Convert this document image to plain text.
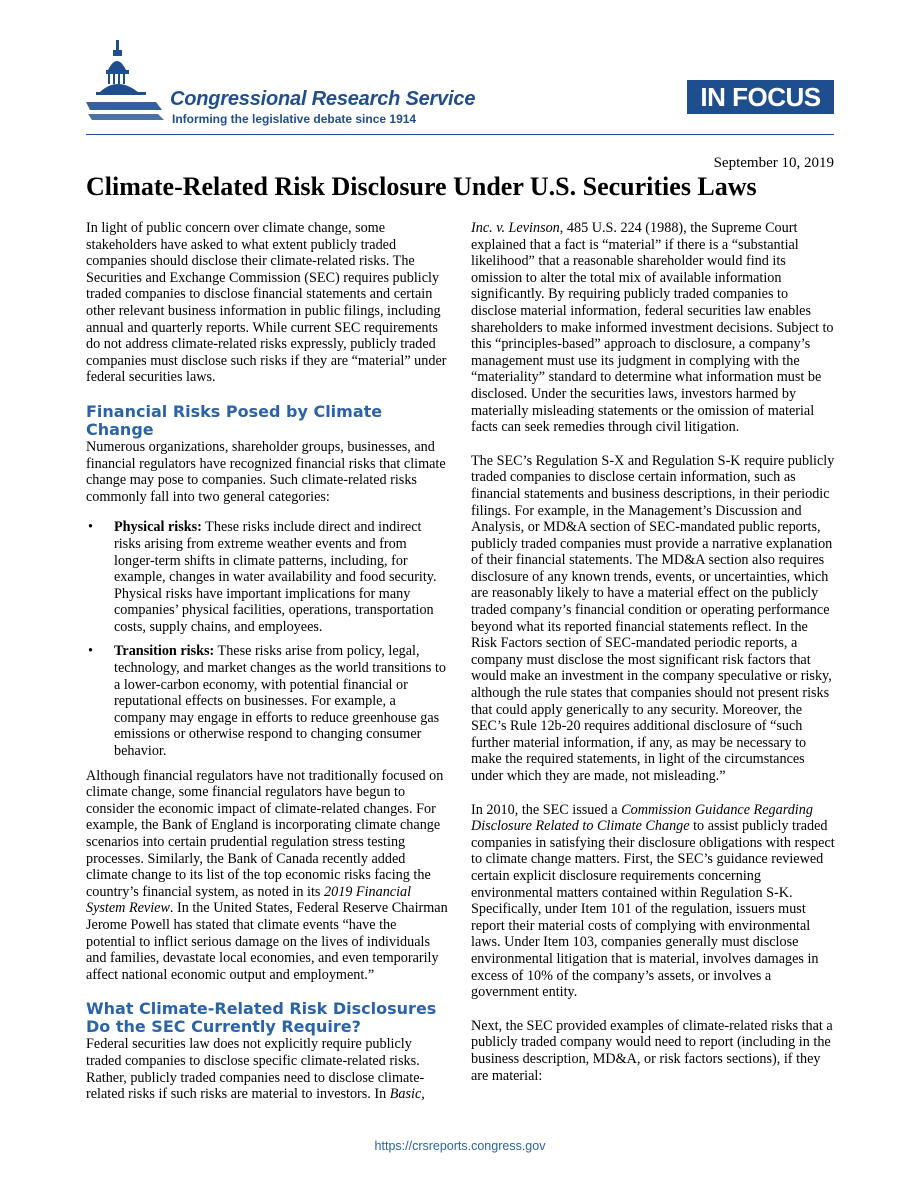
Congressional Research Service
Informing the legislative debate since 1914
IN FOCUS
September 10, 2019
Climate-Related Risk Disclosure Under U.S. Securities Laws

In light of public concern over climate change, some stakeholders have asked to what extent publicly traded companies should disclose their climate-related risks. The Securities and Exchange Commission (SEC) requires publicly traded companies to disclose financial statements and certain other relevant business information in public filings, including annual and quarterly reports. While current SEC requirements do not address climate-related risks expressly, publicly traded companies must disclose such risks if they are “material” under federal securities laws.

Financial Risks Posed by Climate Change

Numerous organizations, shareholder groups, businesses, and financial regulators have recognized financial risks that climate change may pose to companies. Such climate-related risks commonly fall into two general categories:

• Physical risks: These risks include direct and indirect risks arising from extreme weather events and from longer-term shifts in climate patterns, including, for example, changes in water availability and food security. Physical risks have important implications for many companies’ physical facilities, operations, transportation costs, supply chains, and employees.
• Transition risks: These risks arise from policy, legal, technology, and market changes as the world transitions to a lower-carbon economy, with potential financial or reputational effects on businesses. For example, a company may engage in efforts to reduce greenhouse gas emissions or otherwise respond to changing consumer behavior.

Although financial regulators have not traditionally focused on climate change, some financial regulators have begun to consider the economic impact of climate-related changes. For example, the Bank of England is incorporating climate change scenarios into certain prudential regulation stress testing processes. Similarly, the Bank of Canada recently added climate change to its list of the top economic risks facing the country’s financial system, as noted in its 2019 Financial System Review. In the United States, Federal Reserve Chairman Jerome Powell has stated that climate events “have the potential to inflict serious damage on the lives of individuals and families, devastate local economies, and even temporarily affect national economic output and employment.”

What Climate-Related Risk Disclosures Do the SEC Currently Require?

Federal securities law does not explicitly require publicly traded companies to disclose specific climate-related risks. Rather, publicly traded companies need to disclose climate-related risks if such risks are material to investors. In Basic,

Inc. v. Levinson, 485 U.S. 224 (1988), the Supreme Court explained that a fact is “material” if there is a “substantial likelihood” that a reasonable shareholder would find its omission to alter the total mix of available information significantly. By requiring publicly traded companies to disclose material information, federal securities law enables shareholders to make informed investment decisions. Subject to this “principles-based” approach to disclosure, a company’s management must use its judgment in complying with the “materiality” standard to determine what information must be disclosed. Under the securities laws, investors harmed by materially misleading statements or the omission of material facts can seek remedies through civil litigation.

The SEC’s Regulation S-X and Regulation S-K require publicly traded companies to disclose certain information, such as financial statements and business descriptions, in their periodic filings. For example, in the Management’s Discussion and Analysis, or MD&A section of SEC-mandated public reports, publicly traded companies must provide a narrative explanation of their financial statements. The MD&A section also requires disclosure of any known trends, events, or uncertainties, which are reasonably likely to have a material effect on the publicly traded company’s financial condition or operating performance beyond what its reported financial statements reflect. In the Risk Factors section of SEC-mandated periodic reports, a company must disclose the most significant risk factors that would make an investment in the company speculative or risky, although the rule states that companies should not present risks that could apply generically to any security. Moreover, the SEC’s Rule 12b-20 requires additional disclosure of “such further material information, if any, as may be necessary to make the required statements, in light of the circumstances under which they are made, not misleading.”

In 2010, the SEC issued a Commission Guidance Regarding Disclosure Related to Climate Change to assist publicly traded companies in satisfying their disclosure obligations with respect to climate change matters. First, the SEC’s guidance reviewed certain explicit disclosure requirements concerning environmental matters contained within Regulation S-K. Specifically, under Item 101 of the regulation, issuers must report their material costs of complying with environmental laws. Under Item 103, companies generally must disclose environmental litigation that is material, involves damages in excess of 10% of the company’s assets, or involves a government entity.

Next, the SEC provided examples of climate-related risks that a publicly traded company would need to report (including in the business description, MD&A, or risk factors sections), if they are material:

https://crsreports.congress.gov
